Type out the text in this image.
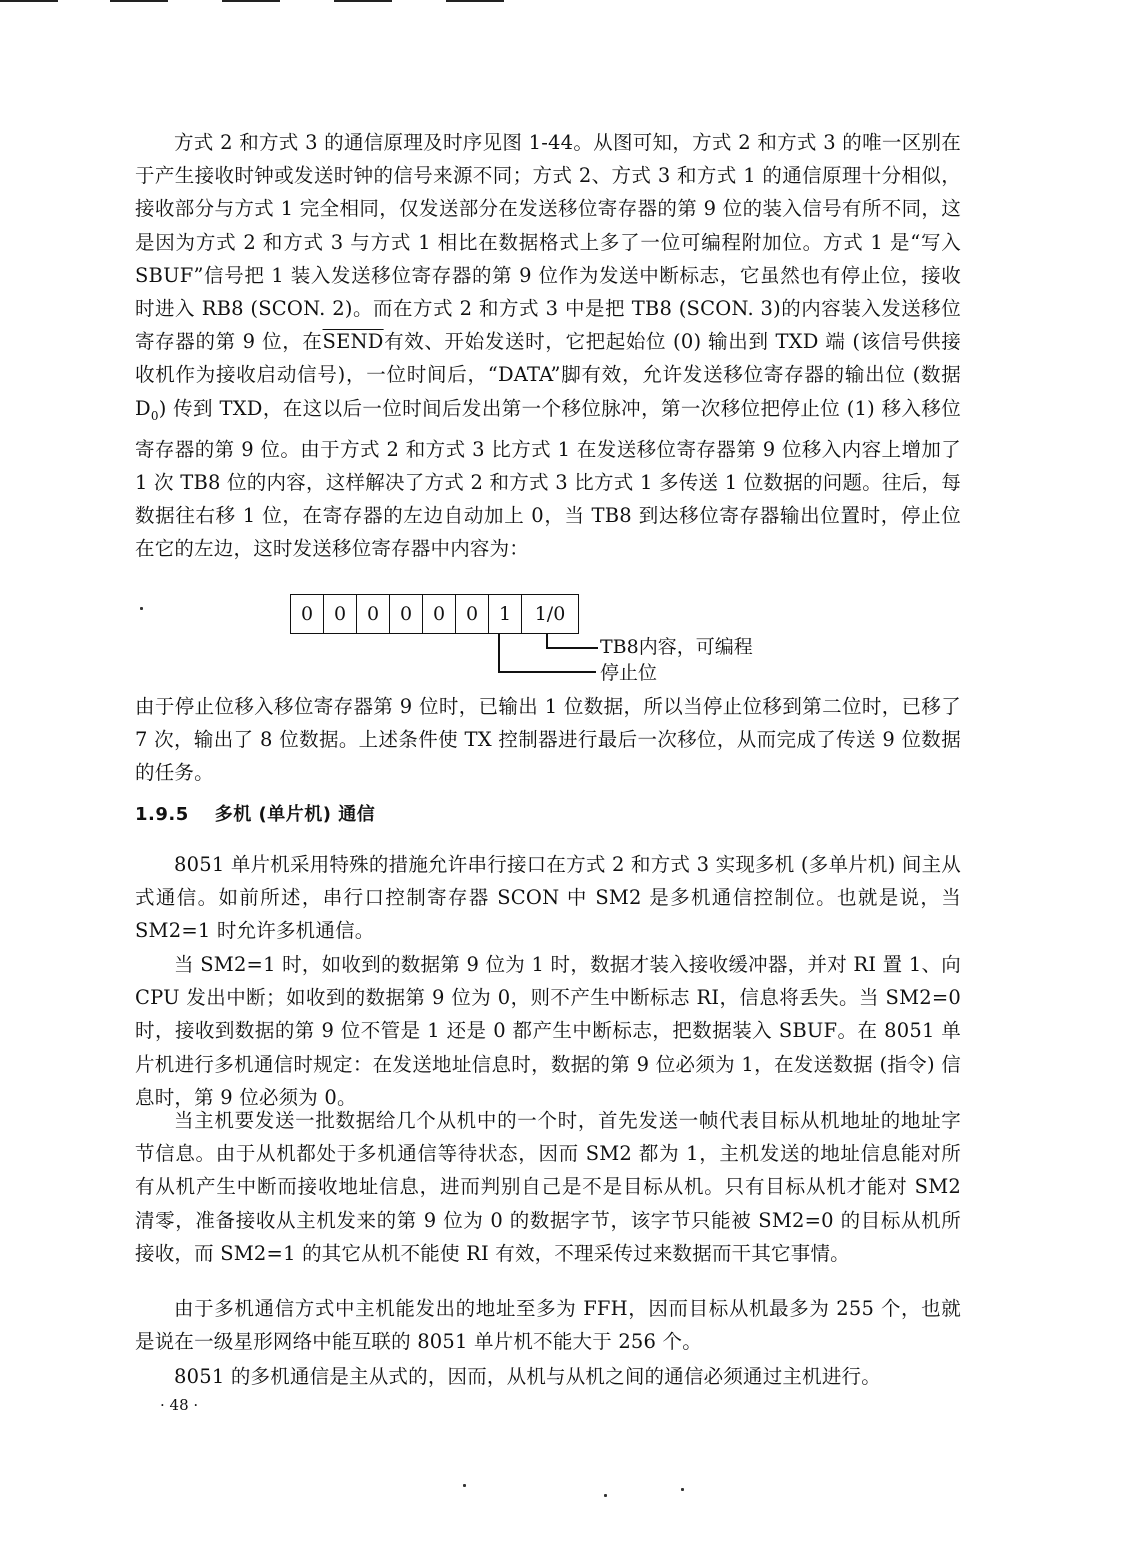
方式 2 和方式 3 的通信原理及时序见图 1-44。从图可知，方式 2 和方式 3 的唯一区别在于产生接收时钟或发送时钟的信号来源不同；方式 2、方式 3 和方式 1 的通信原理十分相似，接收部分与方式 1 完全相同，仅发送部分在发送移位寄存器的第 9 位的装入信号有所不同，这是因为方式 2 和方式 3 与方式 1 相比在数据格式上多了一位可编程附加位。方式 1 是“写入 SBUF”信号把 1 装入发送移位寄存器的第 9 位作为发送中断标志，它虽然也有停止位，接收时进入 RB8 (SCON. 2)。而在方式 2 和方式 3 中是把 TB8 (SCON. 3)的内容装入发送移位寄存器的第 9 位，在SEND有效、开始发送时，它把起始位 (0) 输出到 TXD 端 (该信号供接收机作为接收启动信号)，一位时间后，“DATA”脚有效，允许发送移位寄存器的输出位 (数据 $D_0$) 传到 TXD，在这以后一位时间后发出第一个移位脉冲，第一次移位把停止位 (1) 移入移位寄存器的第 9 位。由于方式 2 和方式 3 比方式 1 在发送移位寄存器第 9 位移入内容上增加了 1 次 TB8 位的内容，这样解决了方式 2 和方式 3 比方式 1 多传送 1 位数据的问题。往后，每数据往右移 1 位，在寄存器的左边自动加上 0，当 TB8 到达移位寄存器输出位置时，停止位在它的左边，这时发送移位寄存器中内容为：

0	0	0	0	0	0	1	1/0
TB8内容，可编程
停止位

由于停止位移入移位寄存器第 9 位时，已输出 1 位数据，所以当停止位移到第二位时，已移了 7 次，输出了 8 位数据。上述条件使 TX 控制器进行最后一次移位，从而完成了传送 9 位数据的任务。

1.9.5 多机 (单片机) 通信

8051 单片机采用特殊的措施允许串行接口在方式 2 和方式 3 实现多机 (多单片机) 间主从式通信。如前所述，串行口控制寄存器 SCON 中 SM2 是多机通信控制位。也就是说，当 SM2=1 时允许多机通信。

当 SM2=1 时，如收到的数据第 9 位为 1 时，数据才装入接收缓冲器，并对 RI 置 1、向 CPU 发出中断；如收到的数据第 9 位为 0，则不产生中断标志 RI，信息将丢失。当 SM2=0 时，接收到数据的第 9 位不管是 1 还是 0 都产生中断标志，把数据装入 SBUF。在 8051 单片机进行多机通信时规定：在发送地址信息时，数据的第 9 位必须为 1，在发送数据 (指令) 信息时，第 9 位必须为 0。

当主机要发送一批数据给几个从机中的一个时，首先发送一帧代表目标从机地址的地址字节信息。由于从机都处于多机通信等待状态，因而 SM2 都为 1，主机发送的地址信息能对所有从机产生中断而接收地址信息，进而判别自己是不是目标从机。只有目标从机才能对 SM2 清零，准备接收从主机发来的第 9 位为 0 的数据字节，该字节只能被 SM2=0 的目标从机所接收，而 SM2=1 的其它从机不能使 RI 有效，不理采传过来数据而干其它事情。

由于多机通信方式中主机能发出的地址至多为 FFH，因而目标从机最多为 255 个，也就是说在一级星形网络中能互联的 8051 单片机不能大于 256 个。

8051 的多机通信是主从式的，因而，从机与从机之间的通信必须通过主机进行。

· 48 ·
